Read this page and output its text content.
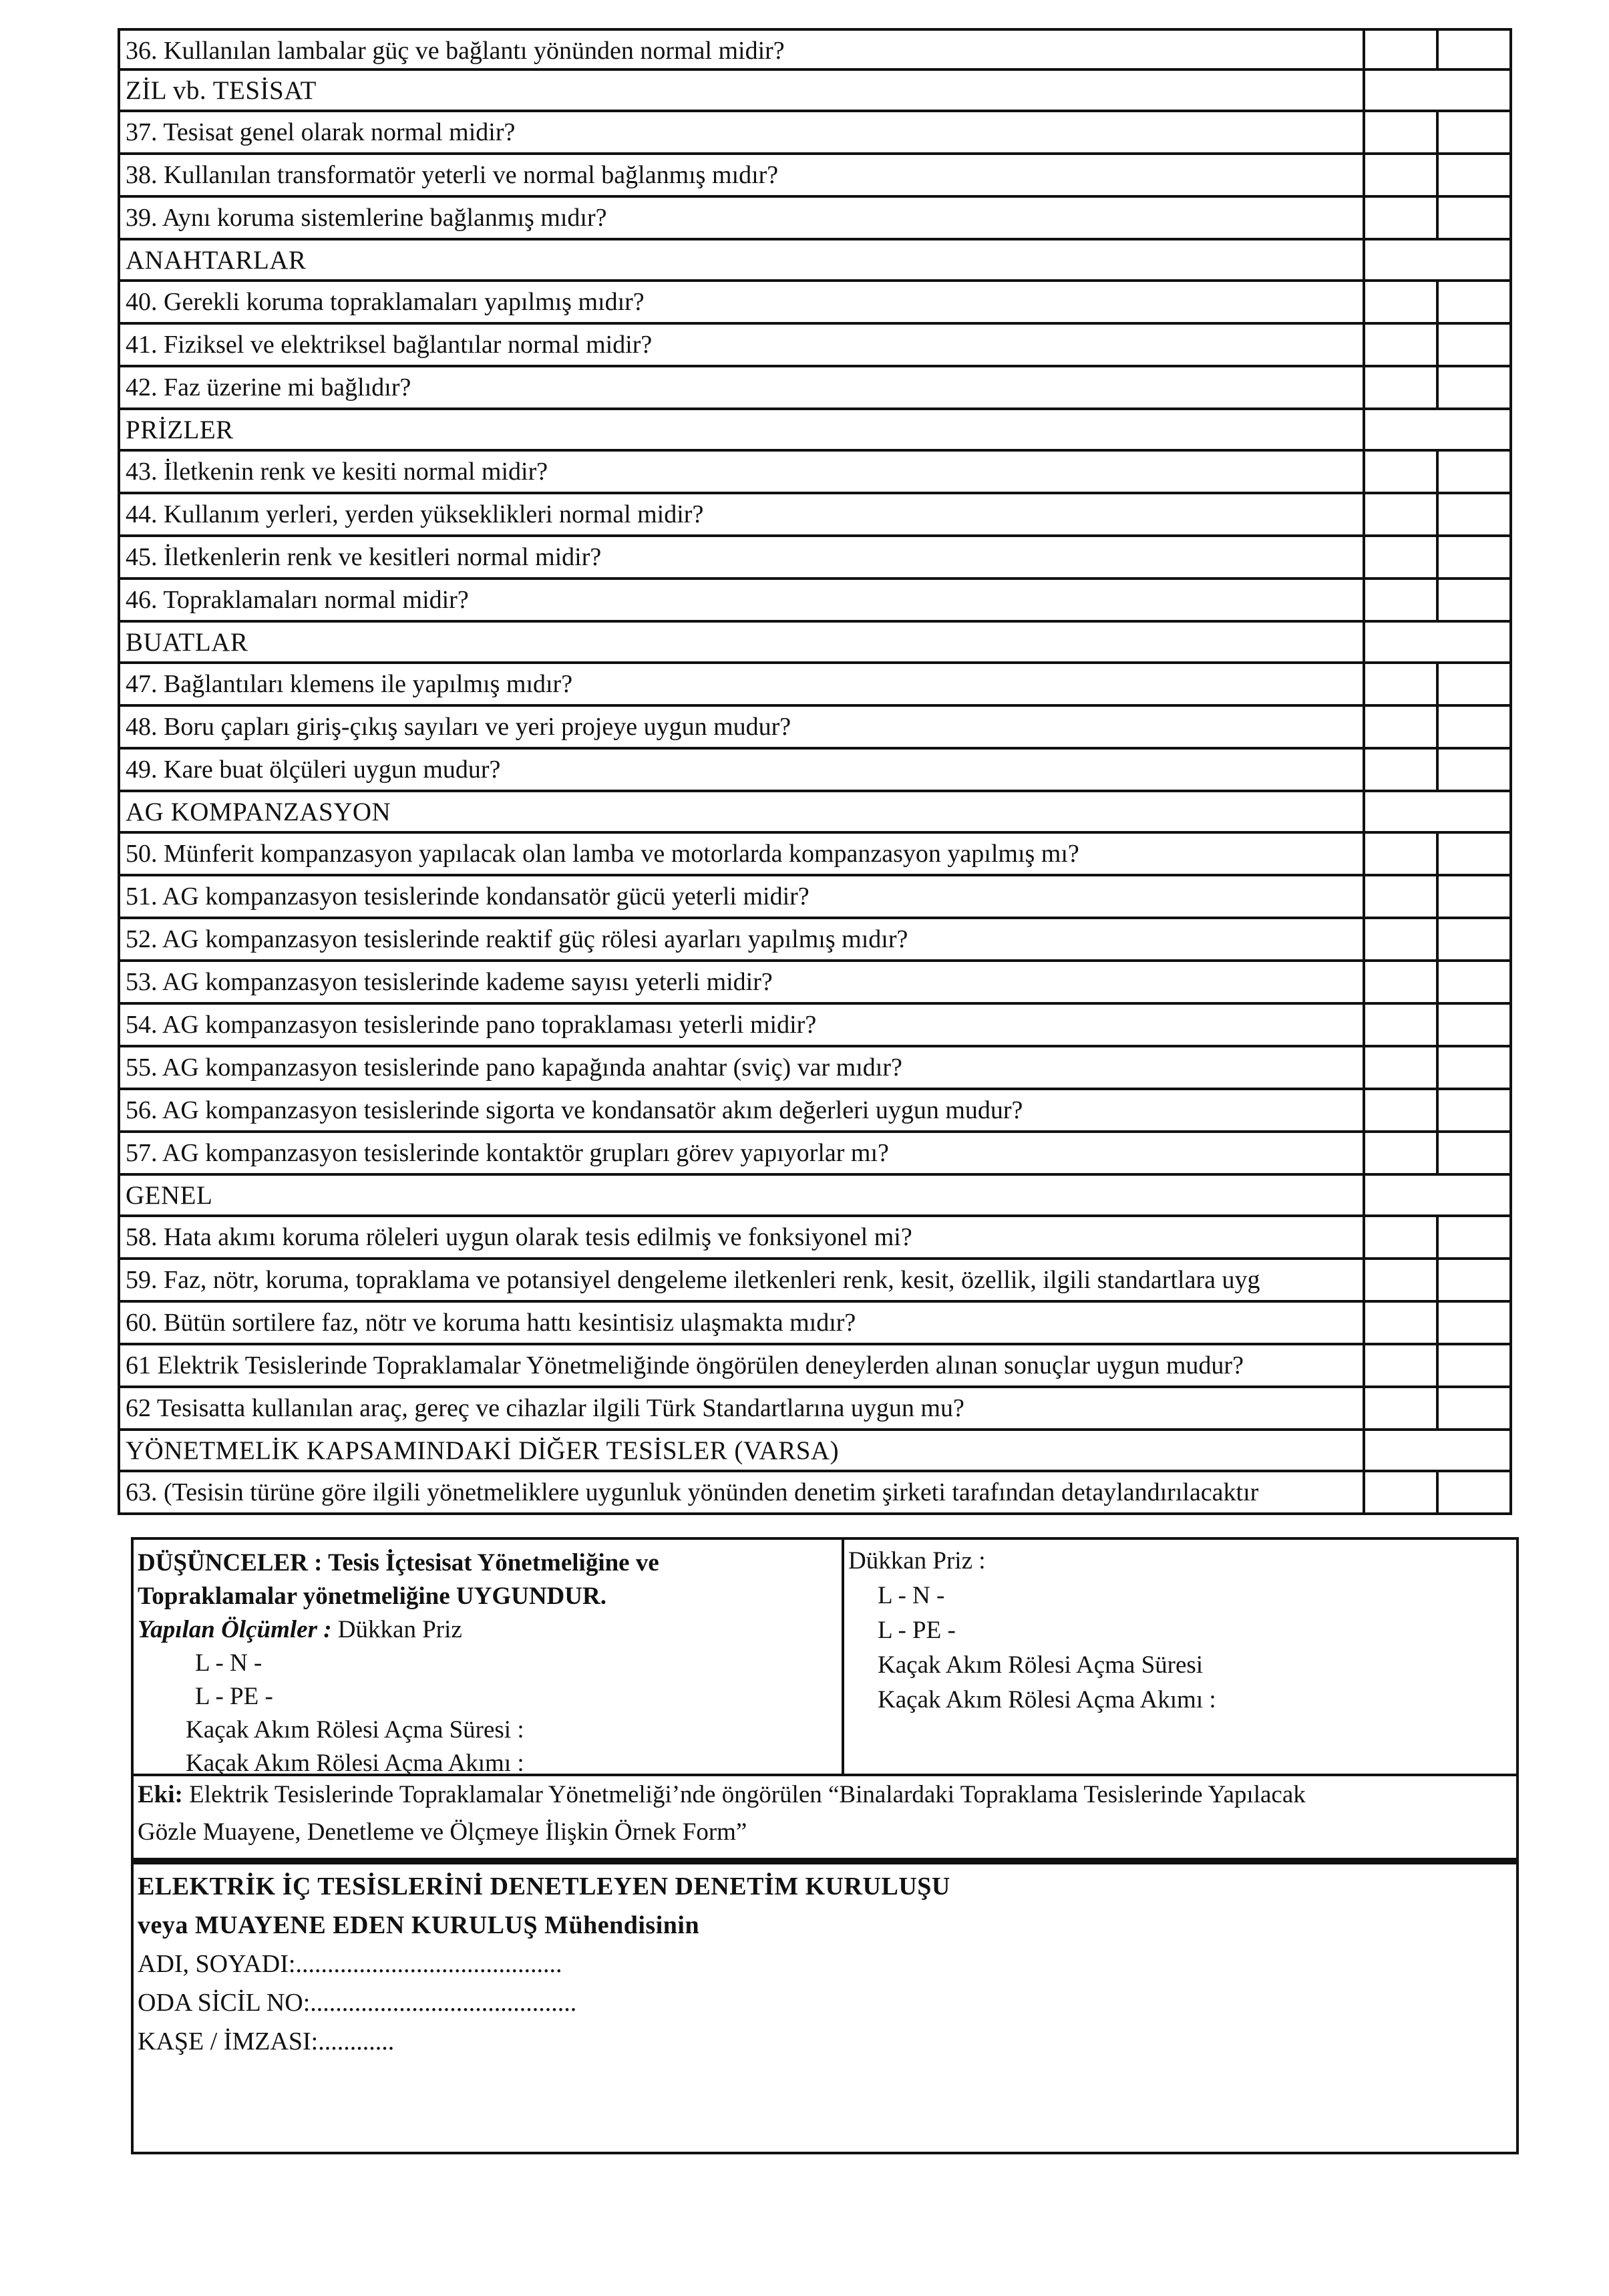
36. Kullanılan lambalar güç ve bağlantı yönünden normal midir?
ZİL vb. TESİSAT
37. Tesisat genel olarak normal midir?
38. Kullanılan transformatör yeterli ve normal bağlanmış mıdır?
39. Aynı koruma sistemlerine bağlanmış mıdır?
ANAHTARLAR
40. Gerekli koruma topraklamaları yapılmış mıdır?
41. Fiziksel ve elektriksel bağlantılar normal midir?
42. Faz üzerine mi bağlıdır?
PRİZLER
43. İletkenin renk ve kesiti normal midir?
44. Kullanım yerleri, yerden yükseklikleri normal midir?
45. İletkenlerin renk ve kesitleri normal midir?
46. Topraklamaları normal midir?
BUATLAR
47. Bağlantıları klemens ile yapılmış mıdır?
48. Boru çapları giriş-çıkış sayıları ve yeri projeye uygun mudur?
49. Kare buat ölçüleri uygun mudur?
AG KOMPANZASYON
50. Münferit kompanzasyon yapılacak olan lamba ve motorlarda kompanzasyon yapılmış mı?
51. AG kompanzasyon tesislerinde kondansatör gücü yeterli midir?
52. AG kompanzasyon tesislerinde reaktif güç rölesi ayarları yapılmış mıdır?
53. AG kompanzasyon tesislerinde kademe sayısı yeterli midir?
54. AG kompanzasyon tesislerinde pano topraklaması yeterli midir?
55. AG kompanzasyon tesislerinde pano kapağında anahtar (sviç) var mıdır?
56. AG kompanzasyon tesislerinde sigorta ve kondansatör akım değerleri uygun mudur?
57. AG kompanzasyon tesislerinde kontaktör grupları görev yapıyorlar mı?
GENEL
58. Hata akımı koruma röleleri uygun olarak tesis edilmiş ve fonksiyonel mi?
59. Faz, nötr, koruma, topraklama ve potansiyel dengeleme iletkenleri renk, kesit, özellik, ilgili standartlara uyg
60. Bütün sortilere faz, nötr ve koruma hattı kesintisiz ulaşmakta mıdır?
61 Elektrik Tesislerinde Topraklamalar Yönetmeliğinde öngörülen deneylerden alınan sonuçlar uygun mudur?
62 Tesisatta kullanılan araç, gereç ve cihazlar ilgili Türk Standartlarına uygun mu?
YÖNETMELİK KAPSAMINDAKİ DİĞER TESİSLER (VARSA)
63. (Tesisin türüne göre ilgili yönetmeliklere uygunluk yönünden denetim şirketi tarafından detaylandırılacaktır
DÜŞÜNCELER : Tesis İçtesisat Yönetmeliğine ve
Topraklamalar yönetmeliğine UYGUNDUR.
Yapılan Ölçümler : Dükkan Priz
L - N -
L - PE -
Kaçak Akım Rölesi Açma Süresi :
Kaçak Akım Rölesi Açma Akımı :
Dükkan Priz :
L - N -
L - PE -
Kaçak Akım Rölesi Açma Süresi
Kaçak Akım Rölesi Açma Akımı :
Eki: Elektrik Tesislerinde Topraklamalar Yönetmeliği’nde öngörülen “Binalardaki Topraklama Tesislerinde Yapılacak
Gözle Muayene, Denetleme ve Ölçmeye İlişkin Örnek Form”
ELEKTRİK İÇ TESİSLERİNİ DENETLEYEN DENETİM KURULUŞU
veya MUAYENE EDEN KURULUŞ Mühendisinin
ADI, SOYADI:..........................................
ODA SİCİL NO:..........................................
KAŞE / İMZASI:............
